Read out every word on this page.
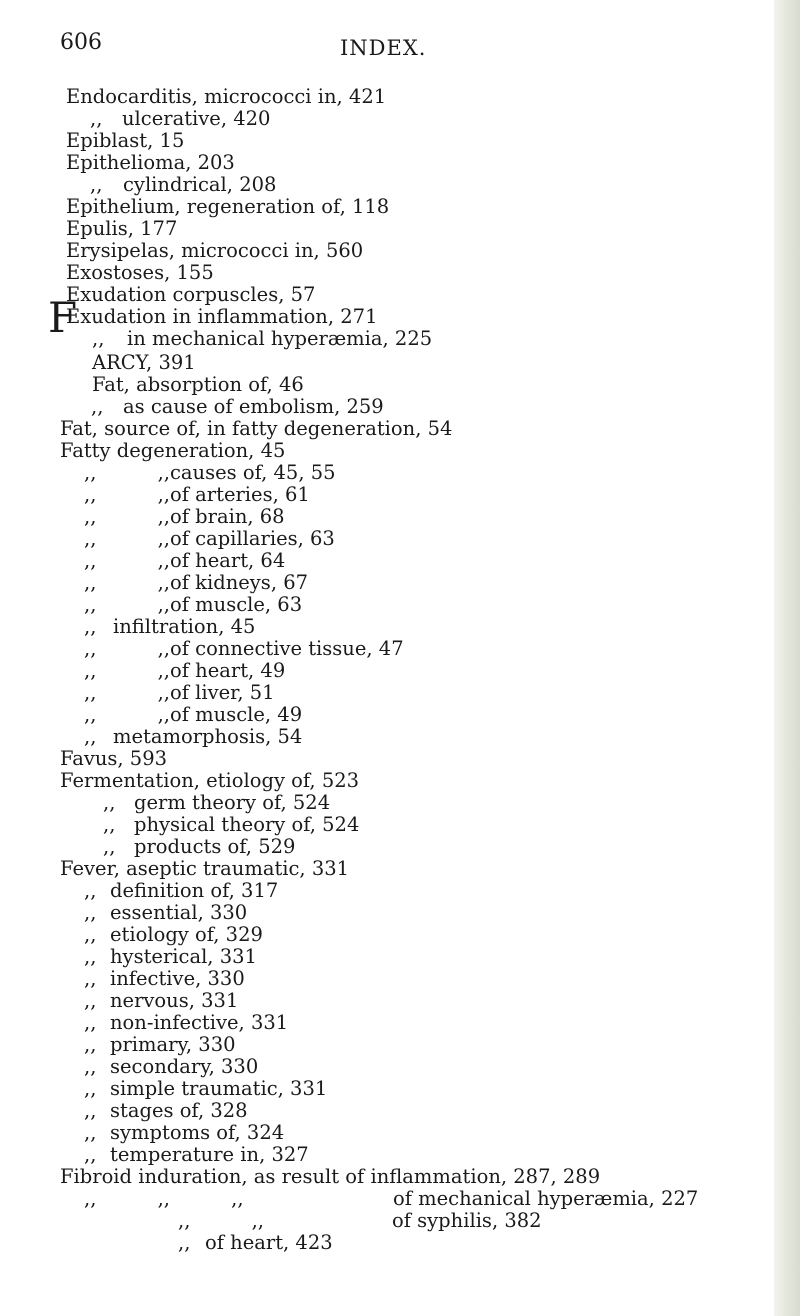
606	INDEX.
F
Endocarditis, micrococci in, 421
,, ulcerative, 420
Epiblast, 15
Epithelioma, 203
,, cylindrical, 208
Epithelium, regeneration of, 118
Epulis, 177
Erysipelas, micrococci in, 560
Exostoses, 155
Exudation corpuscles, 57
Exudation in inflammation, 271
,, in mechanical hyperæmia, 225
ARCY, 391
Fat, absorption of, 46
,, as cause of embolism, 259
Fat, source of, in fatty degeneration, 54
Fatty degeneration, 45
,,      ,, causes of, 45, 55
,,      ,, of arteries, 61
,,      ,, of brain, 68
,,      ,, of capillaries, 63
,,      ,, of heart, 64
,,      ,, of kidneys, 67
,,      ,, of muscle, 63
,, infiltration, 45
,,      ,, of connective tissue, 47
,,      ,, of heart, 49
,,      ,, of liver, 51
,,      ,, of muscle, 49
,, metamorphosis, 54
Favus, 593
Fermentation, etiology of, 523
,, germ theory of, 524
,, physical theory of, 524
,, products of, 529
Fever, aseptic traumatic, 331
,, definition of, 317
,, essential, 330
,, etiology of, 329
,, hysterical, 331
,, infective, 330
,, nervous, 331
,, non-infective, 331
,, primary, 330
,, secondary, 330
,, simple traumatic, 331
,, stages of, 328
,, symptoms of, 324
,, temperature in, 327
Fibroid induration, as result of inflammation, 287, 289
,,      ,,      ,,	of mechanical hyperæmia, 227
,,      ,,	of syphilis, 382
,, of heart, 423
